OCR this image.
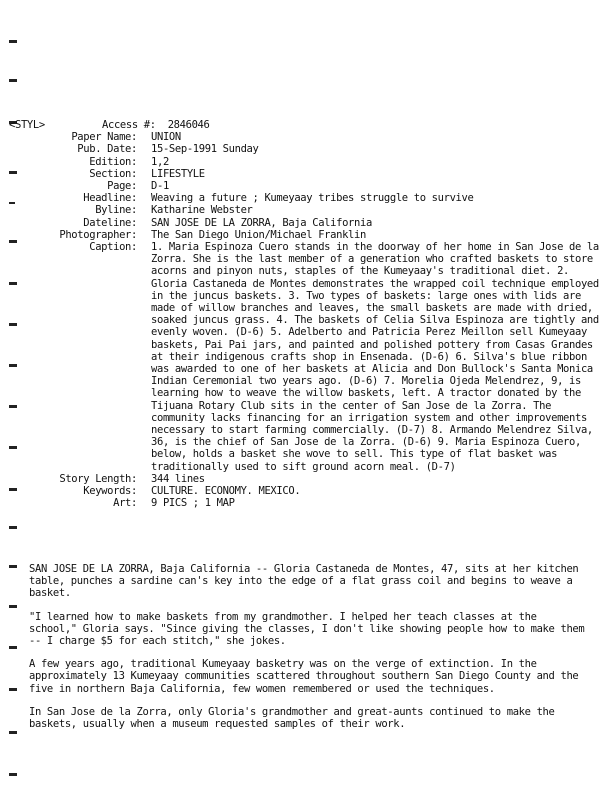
<STYL>	Access #: 2846046
Paper Name:	UNION
Pub. Date:	15-Sep-1991 Sunday
Edition:	1,2
Section:	LIFESTYLE
Page:	D-1
Headline:	Weaving a future ; Kumeyaay tribes struggle to survive
Byline:	Katharine Webster
Dateline:	SAN JOSE DE LA ZORRA, Baja California
Photographer:	The San Diego Union/Michael Franklin
Caption:	1. Maria Espinoza Cuero stands in the doorway of her home in San Jose de la Zorra. She is the last member of a generation who crafted baskets to store acorns and pinyon nuts, staples of the Kumeyaay's traditional diet. 2. Gloria Castaneda de Montes demonstrates the wrapped coil technique employed in the juncus baskets. 3. Two types of baskets: large ones with lids are made of willow branches and leaves, the small baskets are made with dried, soaked juncus grass. 4. The baskets of Celia Silva Espinoza are tightly and evenly woven. (D-6) 5. Adelberto and Patricia Perez Meillon sell Kumeyaay baskets, Pai Pai jars, and painted and polished pottery from Casas Grandes at their indigenous crafts shop in Ensenada. (D-6) 6. Silva's blue ribbon was awarded to one of her baskets at Alicia and Don Bullock's Santa Monica Indian Ceremonial two years ago. (D-6) 7. Morelia Ojeda Melendrez, 9, is learning how to weave the willow baskets, left. A tractor donated by the Tijuana Rotary Club sits in the center of San Jose de la Zorra. The community lacks financing for an irrigation system and other improvements necessary to start farming commercially. (D-7) 8. Armando Melendrez Silva, 36, is the chief of San Jose de la Zorra. (D-6) 9. Maria Espinoza Cuero, below, holds a basket she wove to sell. This type of flat basket was traditionally used to sift ground acorn meal. (D-7)
Story Length:	344 lines
Keywords:	CULTURE. ECONOMY. MEXICO.
Art:	9 PICS ; 1 MAP

SAN JOSE DE LA ZORRA, Baja California -- Gloria Castaneda de Montes, 47, sits at her kitchen table, punches a sardine can's key into the edge of a flat grass coil and begins to weave a basket.

"I learned how to make baskets from my grandmother. I helped her teach classes at the school," Gloria says. "Since giving the classes, I don't like showing people how to make them -- I charge $5 for each stitch," she jokes.

A few years ago, traditional Kumeyaay basketry was on the verge of extinction. In the approximately 13 Kumeyaay communities scattered throughout southern San Diego County and the five in northern Baja California, few women remembered or used the techniques.

In San Jose de la Zorra, only Gloria's grandmother and great-aunts continued to make the baskets, usually when a museum requested samples of their work.
